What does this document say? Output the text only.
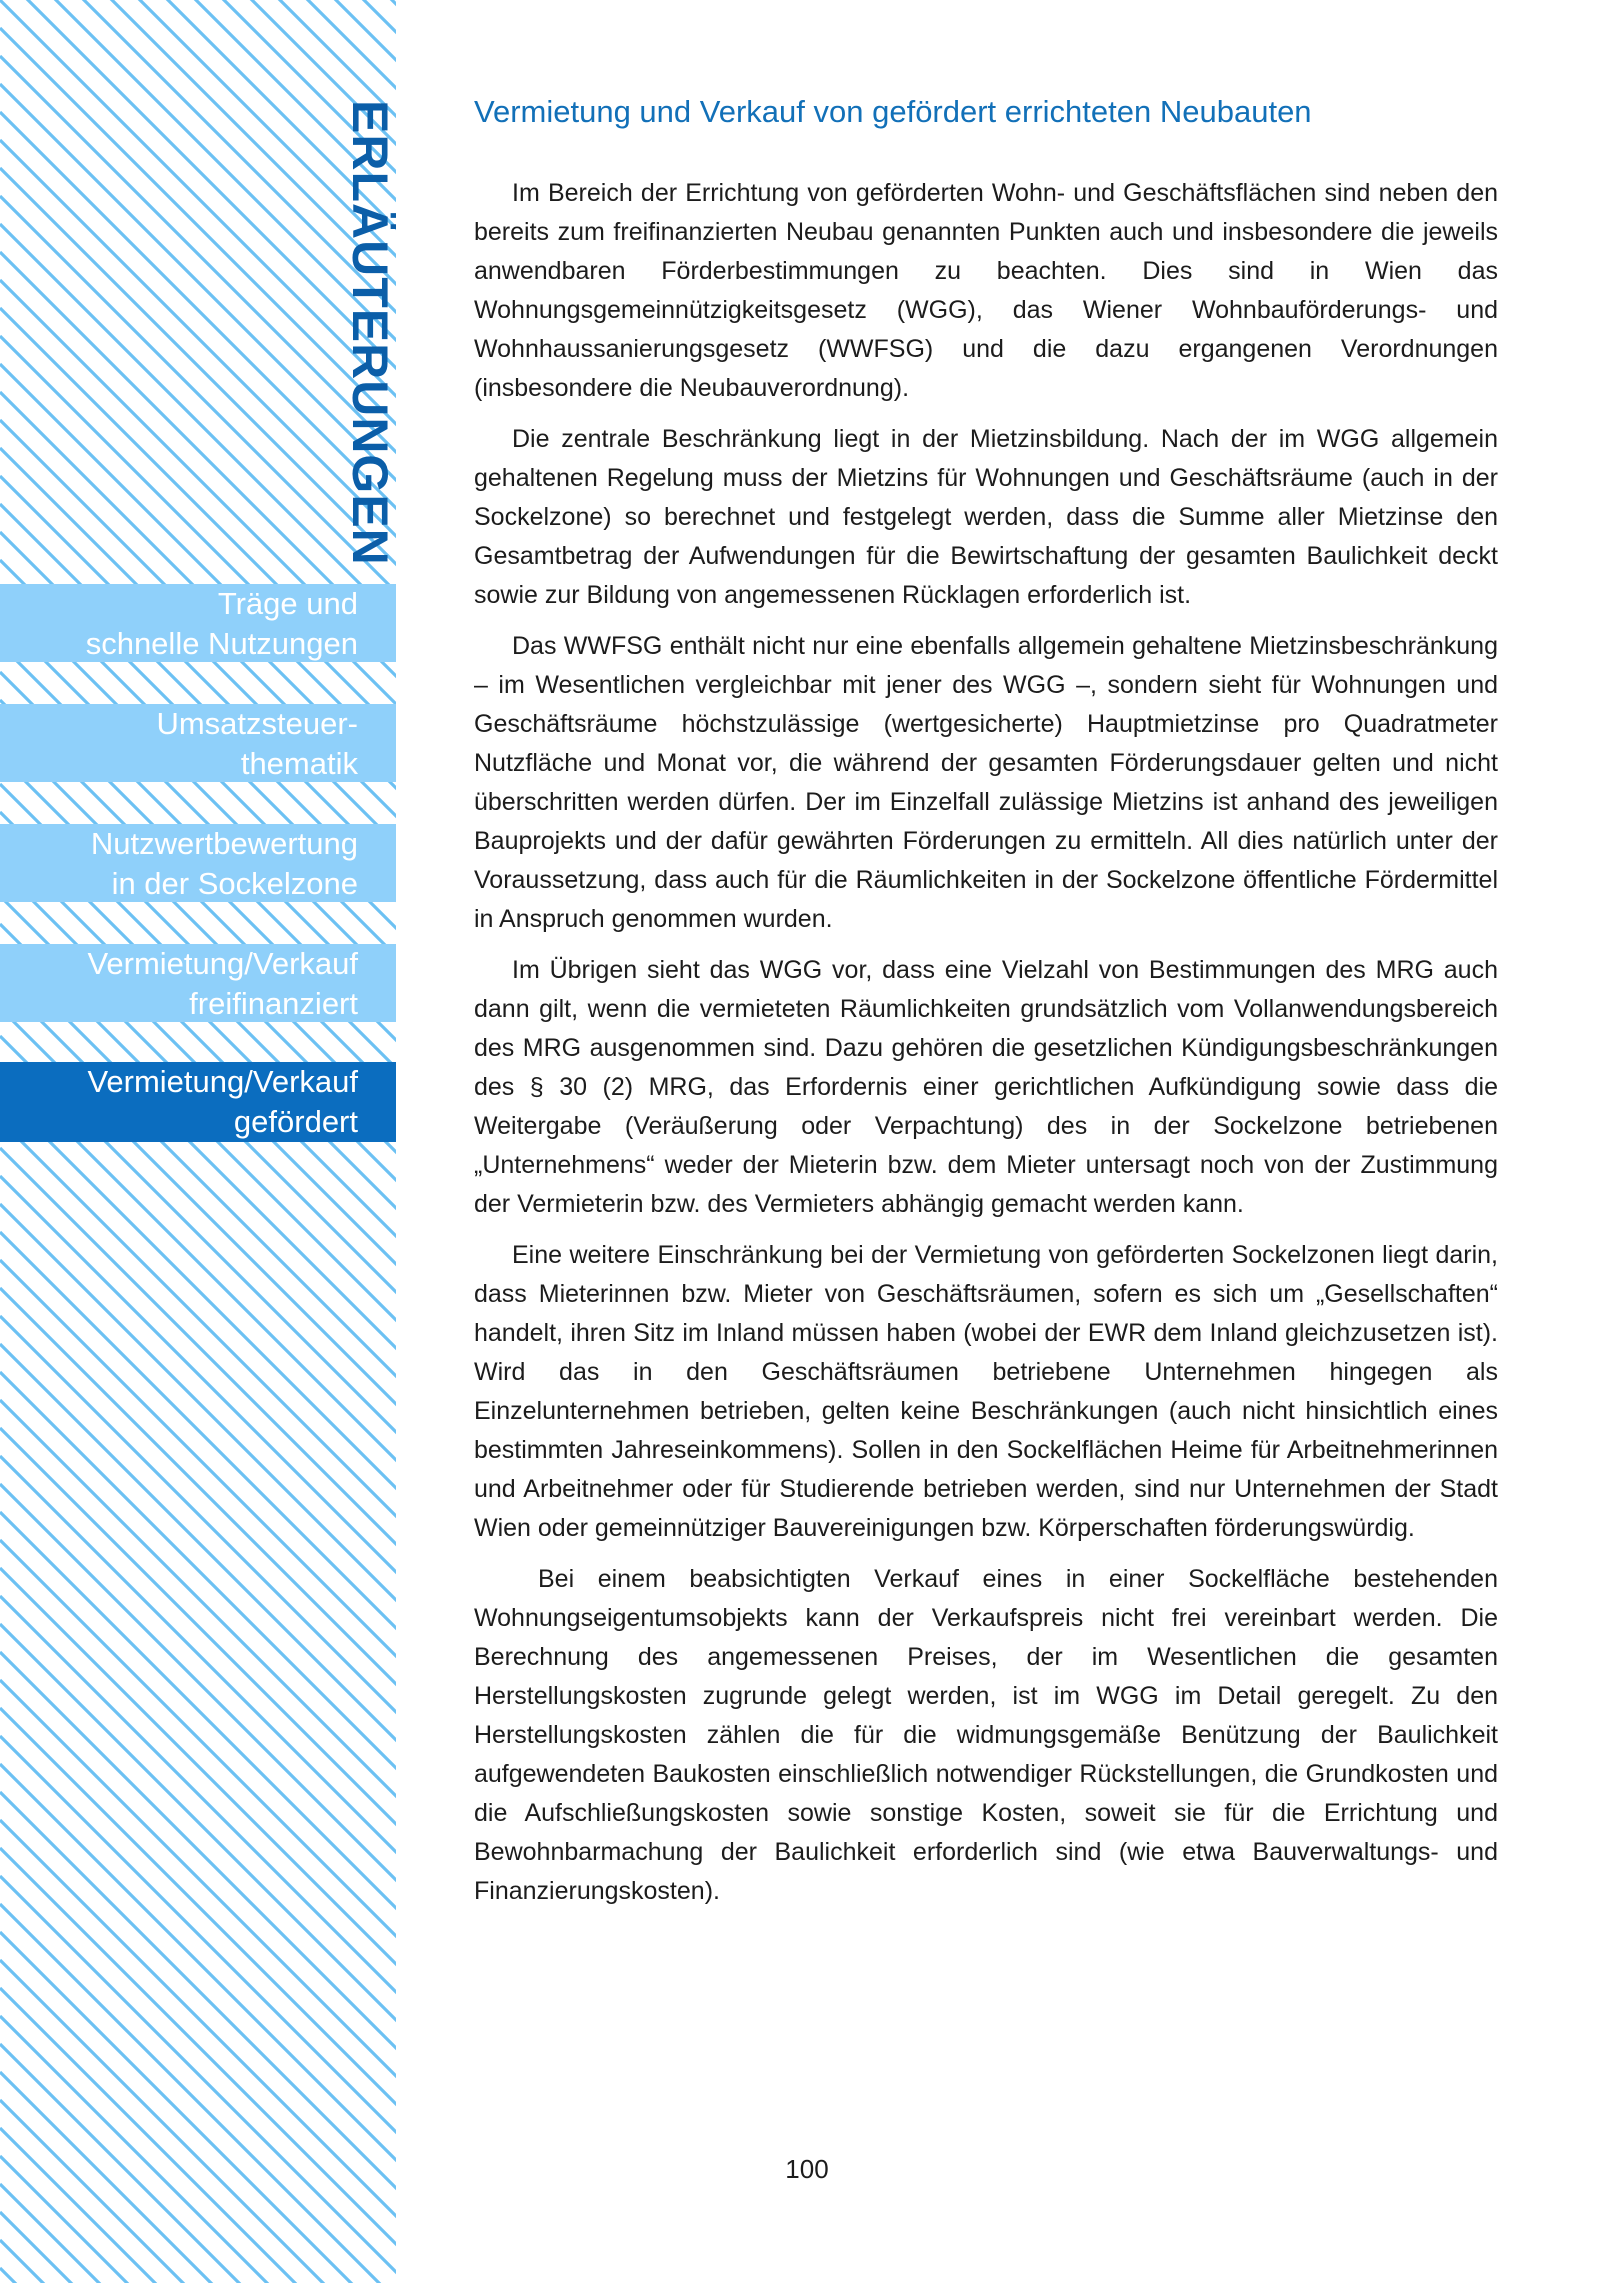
ERLÄUTERUNGEN
Träge und
schnelle Nutzungen
Umsatzsteuer-
thematik
Nutzwertbewertung
in der Sockelzone
Vermietung/Verkauf
freifinanziert
Vermietung/Verkauf
gefördert
Vermietung und Verkauf von gefördert errichteten Neubauten

Im Bereich der Errichtung von geförderten Wohn- und Geschäftsflächen sind neben den bereits zum freifinanzierten Neubau genannten Punkten auch und insbesondere die jeweils anwendbaren Förderbestimmungen zu beachten. Dies sind in Wien das Wohnungsgemeinnützigkeitsgesetz (WGG), das Wiener Wohnbauförderungs- und Wohnhaussanierungsgesetz (WWFSG) und die dazu ergangenen Verordnungen (insbesondere die Neubauverordnung).

Die zentrale Beschränkung liegt in der Mietzinsbildung. Nach der im WGG allgemein gehaltenen Regelung muss der Mietzins für Wohnungen und Geschäftsräume (auch in der Sockelzone) so berechnet und festgelegt werden, dass die Summe aller Mietzinse den Gesamtbetrag der Aufwendungen für die Bewirtschaftung der gesamten Baulichkeit deckt sowie zur Bildung von angemessenen Rücklagen erforderlich ist.

Das WWFSG enthält nicht nur eine ebenfalls allgemein gehaltene Mietzinsbeschränkung – im Wesentlichen vergleichbar mit jener des WGG –, sondern sieht für Wohnungen und Geschäftsräume höchstzulässige (wertgesicherte) Hauptmietzinse pro Quadratmeter Nutzfläche und Monat vor, die während der gesamten Förderungsdauer gelten und nicht überschritten werden dürfen. Der im Einzelfall zulässige Mietzins ist anhand des jeweiligen Bauprojekts und der dafür gewährten Förderungen zu ermitteln. All dies natürlich unter der Voraussetzung, dass auch für die Räumlichkeiten in der Sockelzone öffentliche Fördermittel in Anspruch genommen wurden.

Im Übrigen sieht das WGG vor, dass eine Vielzahl von Bestimmungen des MRG auch dann gilt, wenn die vermieteten Räumlichkeiten grundsätzlich vom Vollanwendungsbereich des MRG ausgenommen sind. Dazu gehören die gesetzlichen Kündigungsbeschränkungen des § 30 (2) MRG, das Erfordernis einer gerichtlichen Aufkündigung sowie dass die Weitergabe (Veräußerung oder Verpachtung) des in der Sockelzone betriebenen „Unternehmens“ weder der Mieterin bzw. dem Mieter untersagt noch von der Zustimmung der Vermieterin bzw. des Vermieters abhängig gemacht werden kann.

Eine weitere Einschränkung bei der Vermietung von geförderten Sockelzonen liegt darin, dass Mieterinnen bzw. Mieter von Geschäftsräumen, sofern es sich um „Gesellschaften“ handelt, ihren Sitz im Inland müssen haben (wobei der EWR dem Inland gleichzusetzen ist). Wird das in den Geschäftsräumen betriebene Unternehmen hingegen als Einzelunternehmen betrieben, gelten keine Beschränkungen (auch nicht hinsichtlich eines bestimmten Jahreseinkommens). Sollen in den Sockelflächen Heime für Arbeitnehmerinnen und Arbeitnehmer oder für Studierende betrieben werden, sind nur Unternehmen der Stadt Wien oder gemeinnütziger Bauvereinigungen bzw. Körperschaften förderungswürdig.

Bei einem beabsichtigten Verkauf eines in einer Sockelfläche bestehenden Wohnungseigentumsobjekts kann der Verkaufspreis nicht frei vereinbart werden. Die Berechnung des angemessenen Preises, der im Wesentlichen die gesamten Herstellungskosten zugrunde gelegt werden, ist im WGG im Detail geregelt. Zu den Herstellungskosten zählen die für die widmungsgemäße Benützung der Baulichkeit aufgewendeten Baukosten einschließlich notwendiger Rückstellungen, die Grundkosten und die Aufschließungskosten sowie sonstige Kosten, soweit sie für die Errichtung und Bewohnbarmachung der Baulichkeit erforderlich sind (wie etwa Bauverwaltungs- und Finanzierungskosten).

100
